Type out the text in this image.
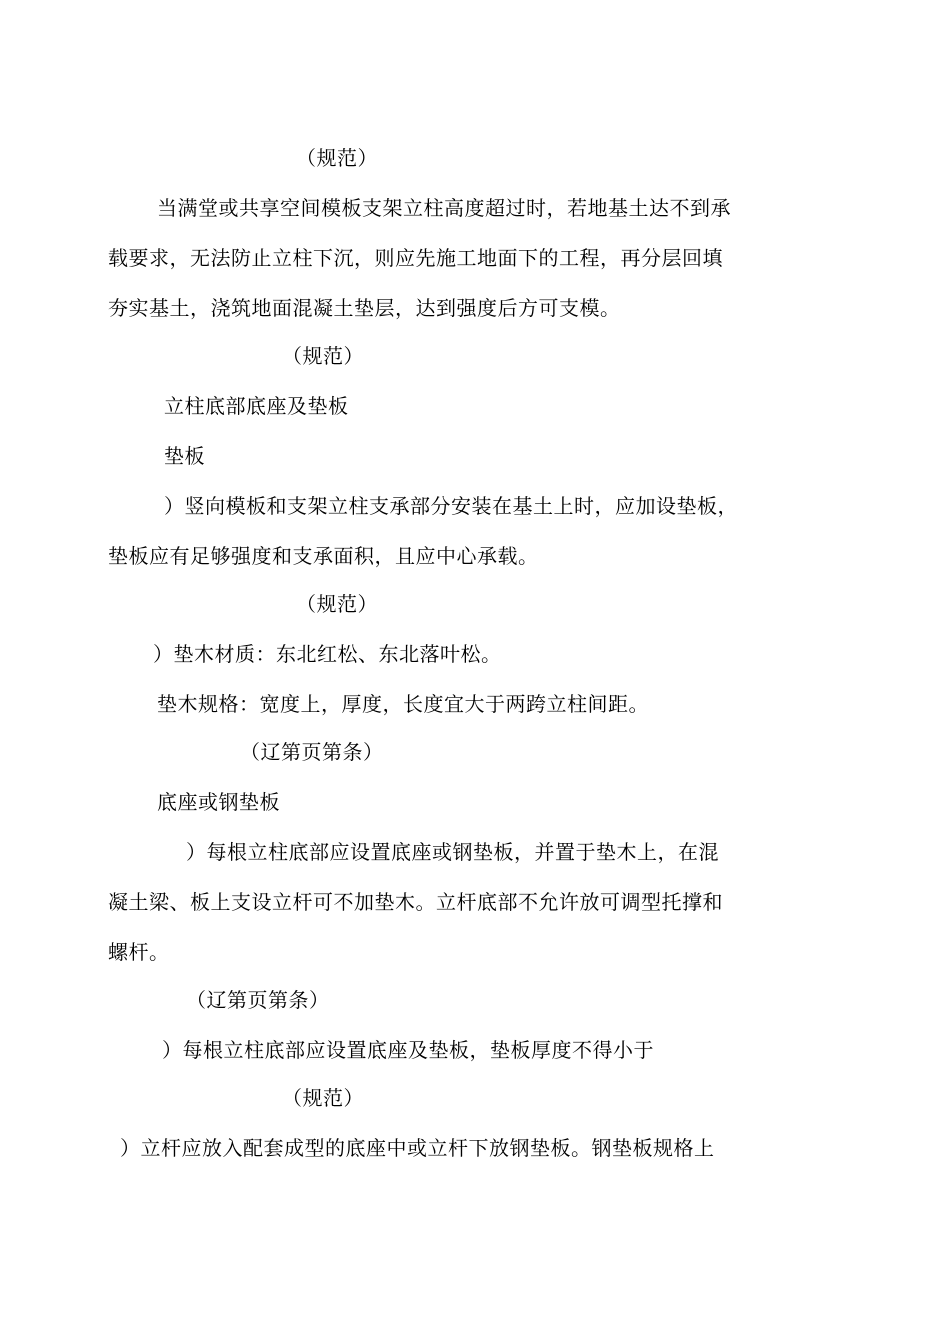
（规范）
当满堂或共享空间模板支架立柱高度超过时，若地基土达不到承
载要求，无法防止立柱下沉，则应先施工地面下的工程，再分层回填
夯实基土，浇筑地面混凝土垫层，达到强度后方可支模。
（规范）
立柱底部底座及垫板
垫板
）竖向模板和支架立柱支承部分安装在基土上时，应加设垫板，
垫板应有足够强度和支承面积，且应中心承载。
（规范）
）垫木材质：东北红松、东北落叶松。
垫木规格：宽度上，厚度，长度宜大于两跨立柱间距。
（辽第页第条）
底座或钢垫板
）每根立柱底部应设置底座或钢垫板，并置于垫木上，在混
凝土梁、板上支设立杆可不加垫木。立杆底部不允许放可调型托撑和
螺杆。
（辽第页第条）
）每根立柱底部应设置底座及垫板，垫板厚度不得小于
（规范）
）立杆应放入配套成型的底座中或立杆下放钢垫板。钢垫板规格上
